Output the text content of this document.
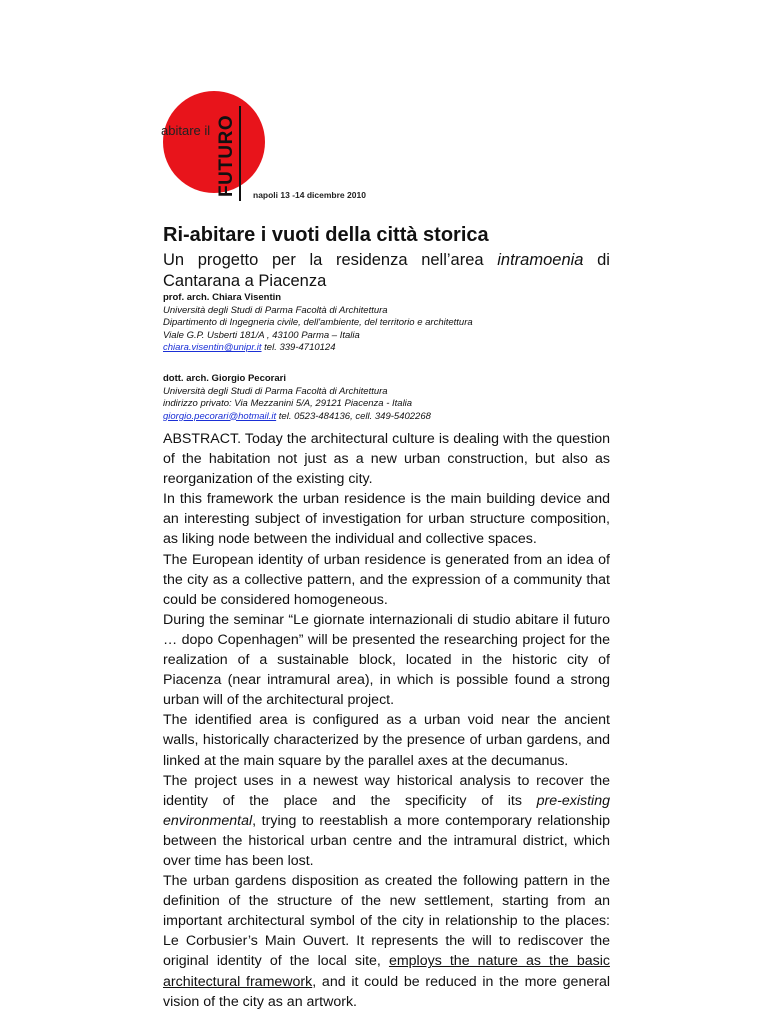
abitare il FUTURO napoli 13 -14 dicembre 2010
Ri-abitare i vuoti della città storica

Un progetto per la residenza nell’area intramoenia di Cantarana a Piacenza

prof. arch. Chiara Visentin
Università degli Studi di Parma Facoltà di Architettura
Dipartimento di Ingegneria civile, dell'ambiente, del territorio e architettura
Viale G.P. Usberti 181/A , 43100 Parma – Italia
chiara.visentin@unipr.it tel. 339-4710124
dott. arch. Giorgio Pecorari
Università degli Studi di Parma Facoltà di Architettura
indirizzo privato: Via Mezzanini 5/A, 29121 Piacenza - Italia
giorgio.pecorari@hotmail.it tel. 0523-484136, cell. 349-5402268

ABSTRACT. Today the architectural culture is dealing with the question of the habitation not just as a new urban construction, but also as reorganization of the existing city.

In this framework the urban residence is the main building device and an interesting subject of investigation for urban structure composition, as liking node between the individual and collective spaces.

The European identity of urban residence is generated from an idea of the city as a collective pattern, and the expression of a community that could be considered homogeneous.

During the seminar “Le giornate internazionali di studio abitare il futuro … dopo Copenhagen” will be presented the researching project for the realization of a sustainable block, located in the historic city of Piacenza (near intramural area), in which is possible found a strong urban will of the architectural project.

The identified area is configured as a urban void near the ancient walls, historically characterized by the presence of urban gardens, and linked at the main square by the parallel axes at the decumanus.

The project uses in a newest way historical analysis to recover the identity of the place and the specificity of its pre-existing environmental, trying to reestablish a more contemporary relationship between the historical urban centre and the intramural district, which over time has been lost.

The urban gardens disposition as created the following pattern in the definition of the structure of the new settlement, starting from an important architectural symbol of the city in relationship to the places: Le Corbusier’s Main Ouvert. It represents the will to rediscover the original identity of the local site, employs the nature as the basic architectural framework, and it could be reduced in the more general vision of the city as an artwork.
